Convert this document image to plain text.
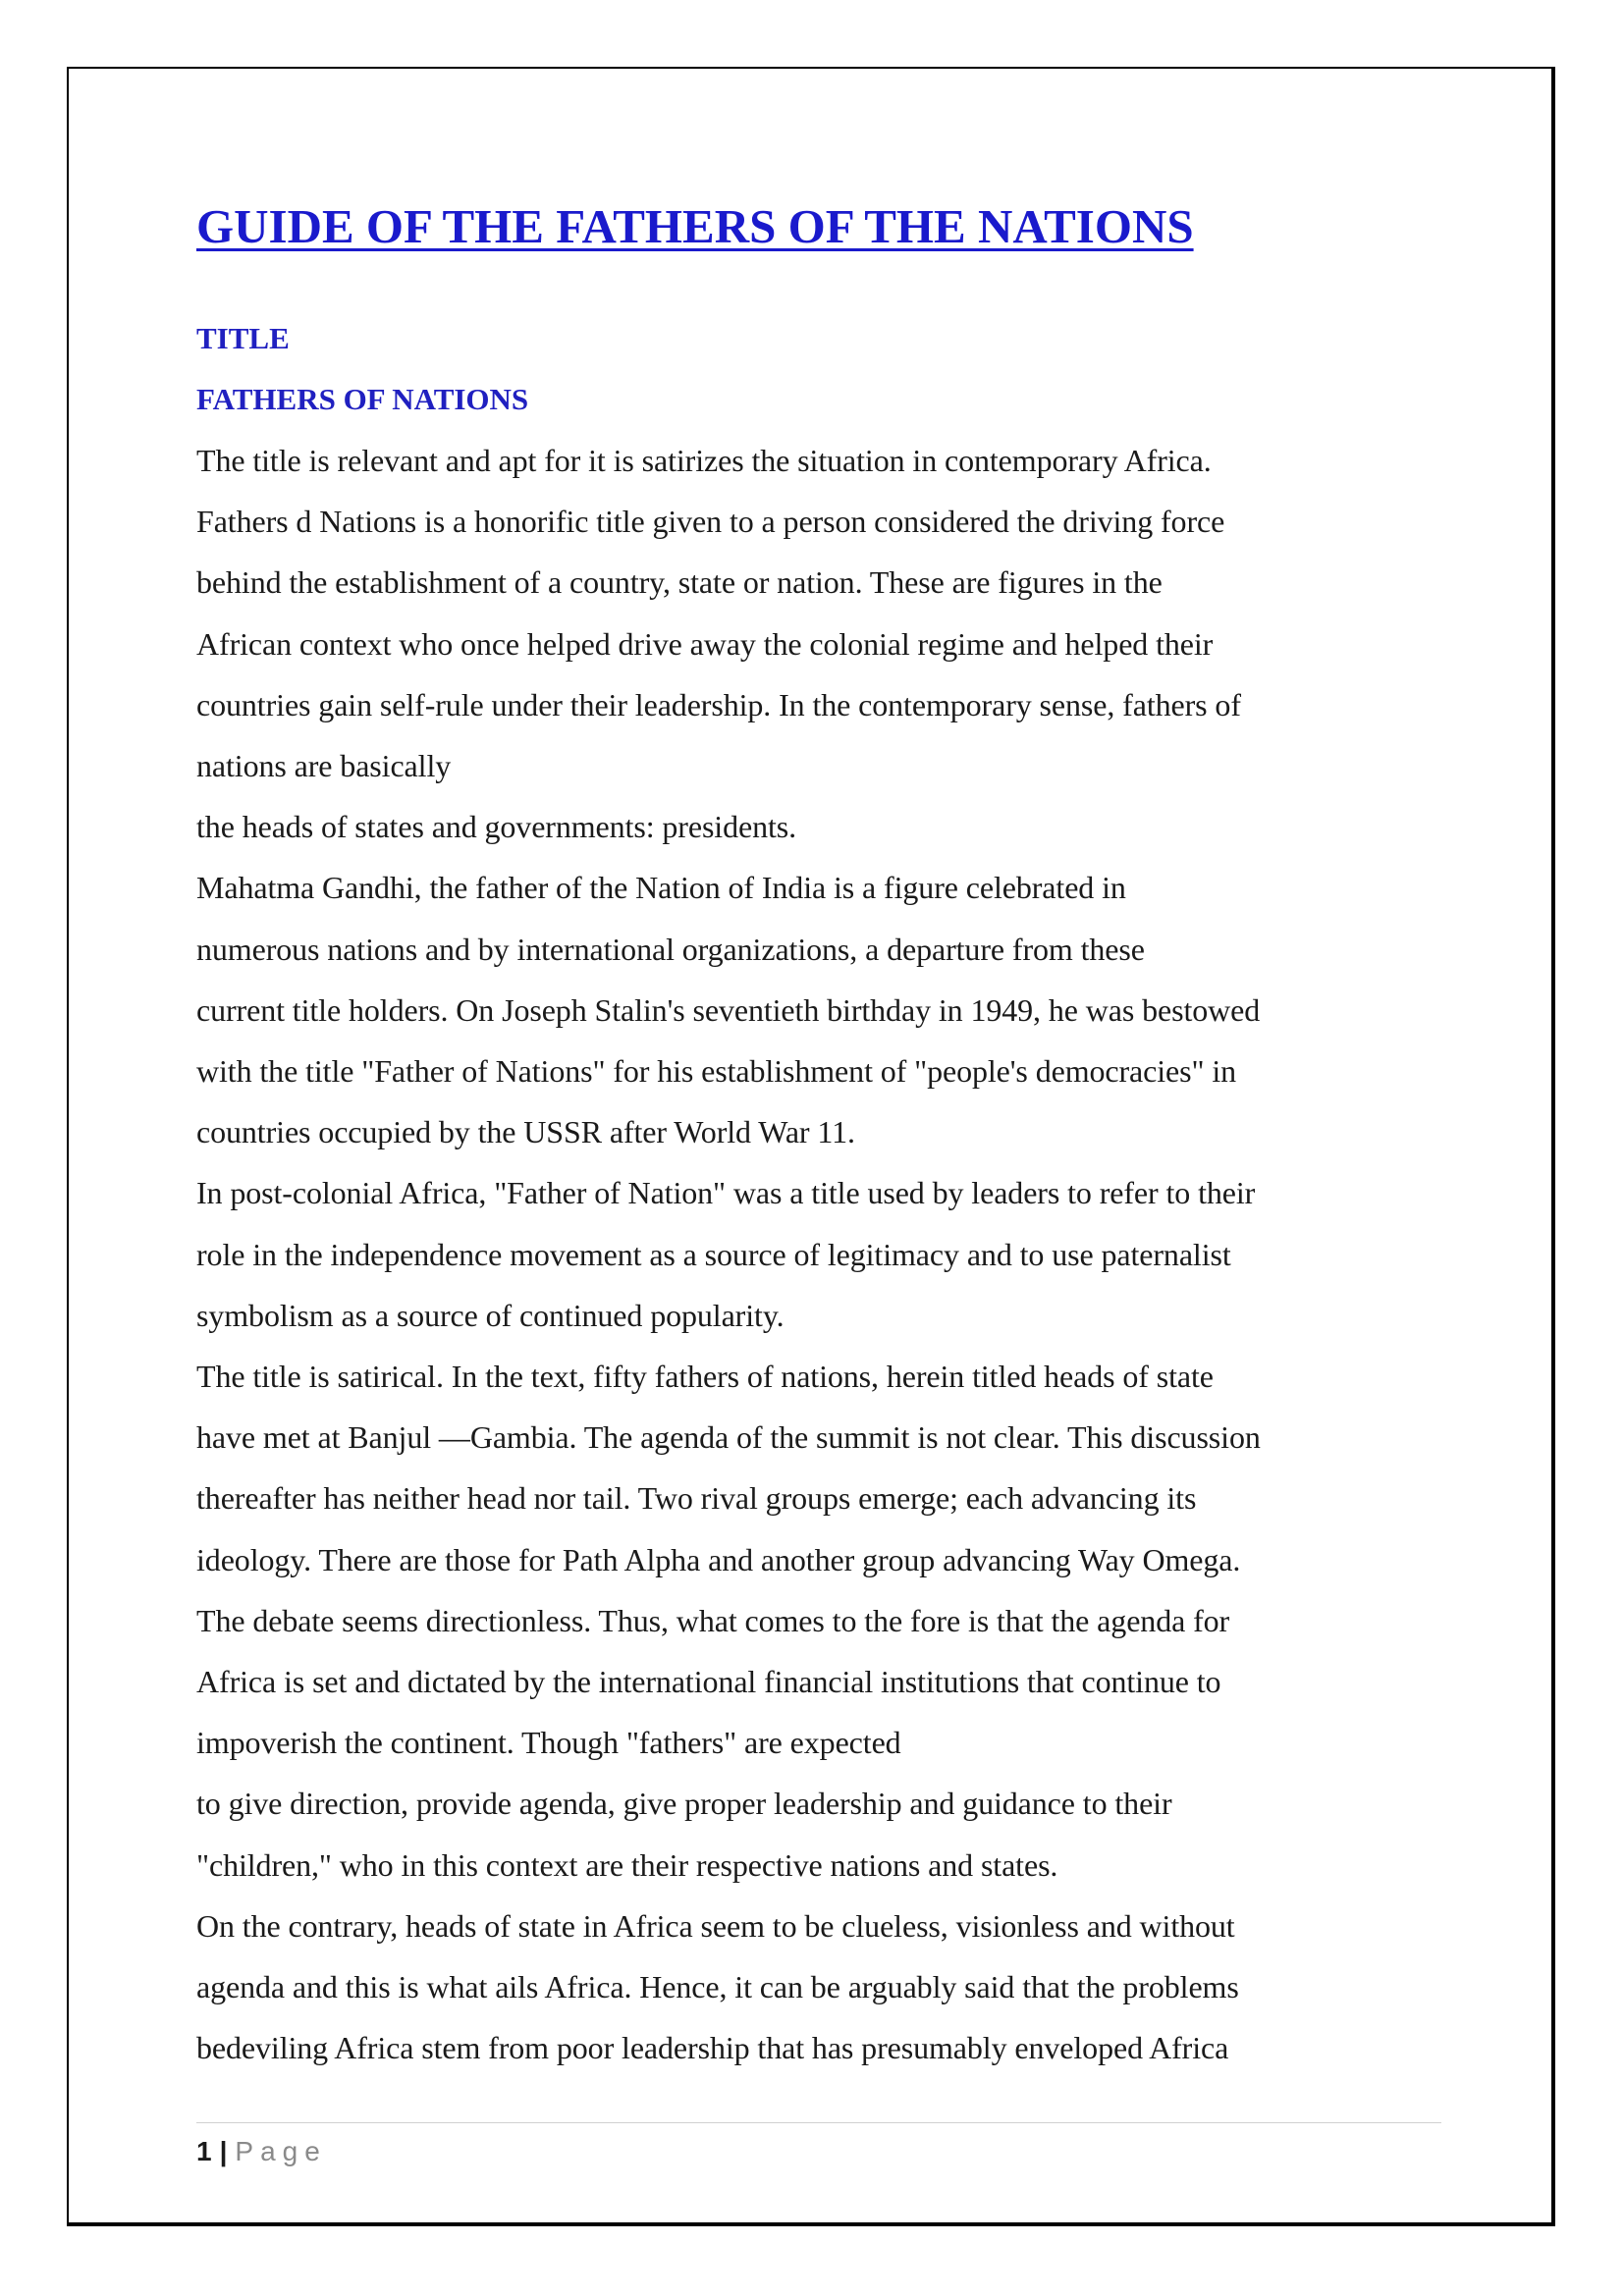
GUIDE OF THE FATHERS OF THE NATIONS

TITLE

FATHERS OF NATIONS

The title is relevant and apt for it is satirizes the situation in contemporary Africa.

Fathers d Nations is a honorific title given to a person considered the driving force

behind the establishment of a country, state or nation. These are figures in the

African context who once helped drive away the colonial regime and helped their

countries gain self-rule under their leadership. In the contemporary sense, fathers of

nations are basically

the heads of states and governments: presidents.

Mahatma Gandhi, the father of the Nation of India is a figure celebrated in

numerous nations and by international organizations, a departure from these

current title holders. On Joseph Stalin's seventieth birthday in 1949, he was bestowed

with the title "Father of Nations" for his establishment of "people's democracies" in

countries occupied by the USSR after World War 11.

In post-colonial Africa, "Father of Nation" was a title used by leaders to refer to their

role in the independence movement as a source of legitimacy and to use paternalist

symbolism as a source of continued popularity.

The title is satirical. In the text, fifty fathers of nations, herein titled heads of state

have met at Banjul —Gambia. The agenda of the summit is not clear. This discussion

thereafter has neither head nor tail. Two rival groups emerge; each advancing its

ideology. There are those for Path Alpha and another group advancing Way Omega.

The debate seems directionless. Thus, what comes to the fore is that the agenda for

Africa is set and dictated by the international financial institutions that continue to

impoverish the continent. Though "fathers" are expected

to give direction, provide agenda, give proper leadership and guidance to their

"children," who in this context are their respective nations and states.

On the contrary, heads of state in Africa seem to be clueless, visionless and without

agenda and this is what ails Africa. Hence, it can be arguably said that the problems

bedeviling Africa stem from poor leadership that has presumably enveloped Africa

1 | Page
